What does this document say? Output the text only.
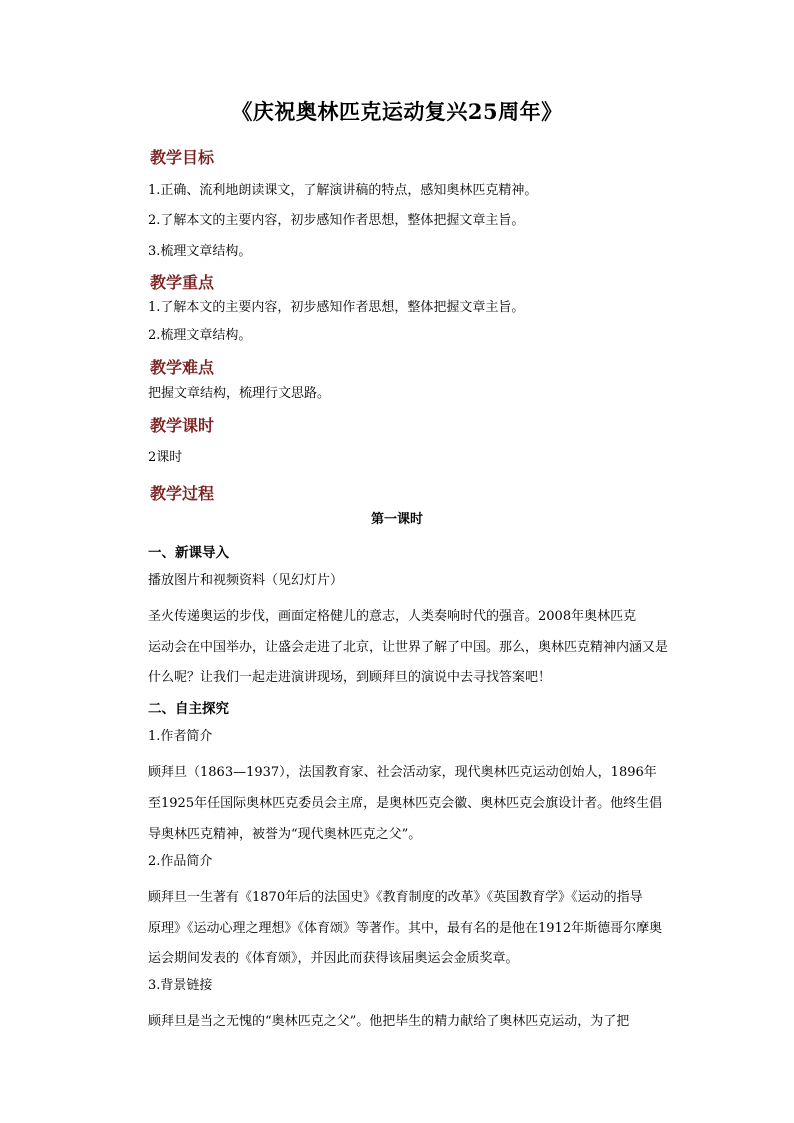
《庆祝奥林匹克运动复兴25周年》
教学目标
1.正确、流利地朗读课文，了解演讲稿的特点，感知奥林匹克精神。
2.了解本文的主要内容，初步感知作者思想，整体把握文章主旨。
3.梳理文章结构。
教学重点
1.了解本文的主要内容，初步感知作者思想，整体把握文章主旨。
2.梳理文章结构。
教学难点
把握文章结构，梳理行文思路。
教学课时
2课时
教学过程
第一课时
一、新课导入
播放图片和视频资料（见幻灯片）
圣火传递奥运的步伐，画面定格健儿的意志，人类奏响时代的强音。2008年奥林匹克
运动会在中国举办，让盛会走进了北京，让世界了解了中国。那么，奥林匹克精神内涵又是
什么呢？让我们一起走进演讲现场，到顾拜旦的演说中去寻找答案吧！
二、自主探究
1.作者简介
顾拜旦（1863—1937），法国教育家、社会活动家，现代奥林匹克运动创始人，1896年
至1925年任国际奥林匹克委员会主席，是奥林匹克会徽、奥林匹克会旗设计者。他终生倡
导奥林匹克精神，被誉为“现代奥林匹克之父”。
2.作品简介
顾拜旦一生著有《1870年后的法国史》《教育制度的改革》《英国教育学》《运动的指导
原理》《运动心理之理想》《体育颂》等著作。其中，最有名的是他在1912年斯德哥尔摩奥
运会期间发表的《体育颂》，并因此而获得该届奥运会金质奖章。
3.背景链接
顾拜旦是当之无愧的“奥林匹克之父”。他把毕生的精力献给了奥林匹克运动，为了把
